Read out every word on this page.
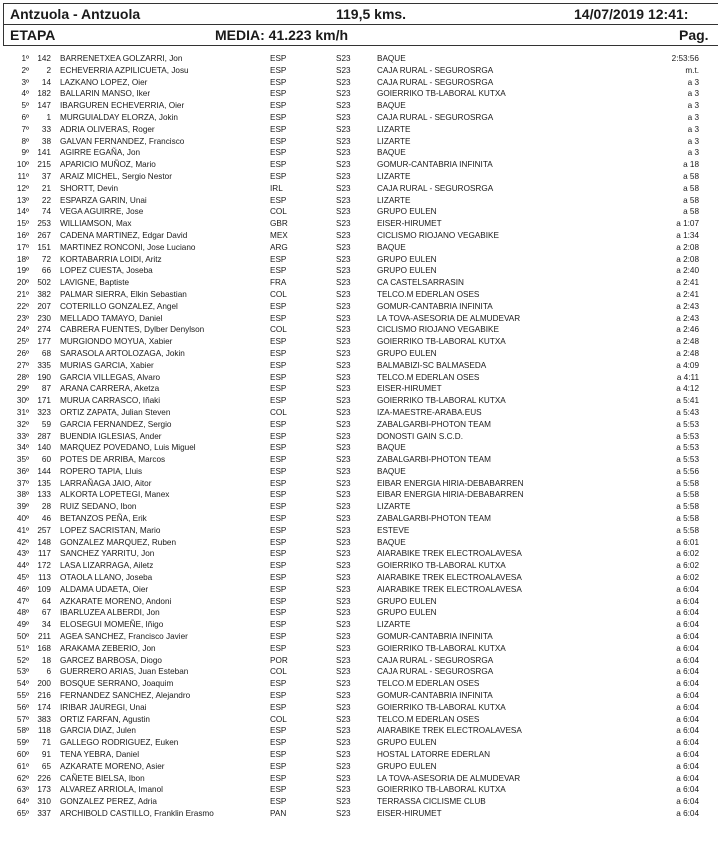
Antzuola - Antzuola	119,5 kms.	14/07/2019 12:41:
ETAPA	MEDIA: 41.223 km/h	Pag.
1º 142 BARRENETXEA GOLZARRI, Jon	ESP	S23	BAQUE	2:53:56
2º 2 ECHEVERRIA AZPILICUETA, Josu	ESP	S23	CAJA RURAL - SEGUROSRGA	m.t.
3º 14 LAZKANO LOPEZ, Oier	ESP	S23	CAJA RURAL - SEGUROSRGA	a 3
4º 182 BALLARIN MANSO, Iker	ESP	S23	GOIERRIKO TB-LABORAL KUTXA	a 3
5º 147 IBARGUREN ECHEVERRIA, Oier	ESP	S23	BAQUE	a 3
6º 1 MURGUIALDAY ELORZA, Jokin	ESP	S23	CAJA RURAL - SEGUROSRGA	a 3
7º 33 ADRIA OLIVERAS, Roger	ESP	S23	LIZARTE	a 3
8º 38 GALVAN FERNANDEZ, Francisco	ESP	S23	LIZARTE	a 3
9º 141 AGIRRE EGAÑA, Jon	ESP	S23	BAQUE	a 3
10º 215 APARICIO MUÑOZ, Mario	ESP	S23	GOMUR-CANTABRIA INFINITA	a 18
11º 37 ARAIZ MICHEL, Sergio Nestor	ESP	S23	LIZARTE	a 58
12º 21 SHORTT, Devin	IRL	S23	CAJA RURAL - SEGUROSRGA	a 58
13º 22 ESPARZA GARIN, Unai	ESP	S23	LIZARTE	a 58
14º 74 VEGA AGUIRRE, Jose	COL	S23	GRUPO EULEN	a 58
15º 253 WILLIAMSON, Max	GBR	S23	EISER-HIRUMET	a 1:07
16º 267 CADENA MARTINEZ, Edgar David	MEX	S23	CICLISMO RIOJANO VEGABIKE	a 1:34
17º 151 MARTINEZ RONCONI, Jose Luciano	ARG	S23	BAQUE	a 2:08
18º 72 KORTABARRIA LOIDI, Aritz	ESP	S23	GRUPO EULEN	a 2:08
19º 66 LOPEZ CUESTA, Joseba	ESP	S23	GRUPO EULEN	a 2:40
20º 502 LAVIGNE, Baptiste	FRA	S23	CA CASTELSARRASIN	a 2:41
21º 382 PALMAR SIERRA, Elkin Sebastian	COL	S23	TELCO.M EDERLAN OSES	a 2:41
22º 207 COTERILLO GONZALEZ, Angel	ESP	S23	GOMUR-CANTABRIA INFINITA	a 2:43
23º 230 MELLADO TAMAYO, Daniel	ESP	S23	LA TOVA-ASESORIA DE ALMUDEVAR	a 2:43
24º 274 CABRERA FUENTES, Dylber Denylson	COL	S23	CICLISMO RIOJANO VEGABIKE	a 2:46
25º 177 MURGIONDO MOYUA, Xabier	ESP	S23	GOIERRIKO TB-LABORAL KUTXA	a 2:48
26º 68 SARASOLA ARTOLOZAGA, Jokin	ESP	S23	GRUPO EULEN	a 2:48
27º 335 MURIAS GARCIA, Xabier	ESP	S23	BALMABIZI-SC BALMASEDA	a 4:09
28º 190 GARCIA VILLEGAS, Alvaro	ESP	S23	TELCO.M EDERLAN OSES	a 4:11
29º 87 ARANA CARRERA, Aketza	ESP	S23	EISER-HIRUMET	a 4:12
30º 171 MURUA CARRASCO, Iñaki	ESP	S23	GOIERRIKO TB-LABORAL KUTXA	a 5:41
31º 323 ORTIZ ZAPATA, Julian Steven	COL	S23	IZA-MAESTRE-ARABA.EUS	a 5:43
32º 59 GARCIA FERNANDEZ, Sergio	ESP	S23	ZABALGARBI-PHOTON TEAM	a 5:53
33º 287 BUENDIA IGLESIAS, Ander	ESP	S23	DONOSTI GAIN S.C.D.	a 5:53
34º 140 MARQUEZ POVEDANO, Luis Miguel	ESP	S23	BAQUE	a 5:53
35º 60 POTES DE ARRIBA, Marcos	ESP	S23	ZABALGARBI-PHOTON TEAM	a 5:53
36º 144 ROPERO TAPIA, Lluis	ESP	S23	BAQUE	a 5:56
37º 135 LARRAÑAGA JAIO, Aitor	ESP	S23	EIBAR ENERGIA HIRIA-DEBABARREN	a 5:58
38º 133 ALKORTA LOPETEGI, Manex	ESP	S23	EIBAR ENERGIA HIRIA-DEBABARREN	a 5:58
39º 28 RUIZ SEDANO, Ibon	ESP	S23	LIZARTE	a 5:58
40º 46 BETANZOS PEÑA, Erik	ESP	S23	ZABALGARBI-PHOTON TEAM	a 5:58
41º 257 LOPEZ SACRISTAN, Mario	ESP	S23	ESTEVE	a 5:58
42º 148 GONZALEZ MARQUEZ, Ruben	ESP	S23	BAQUE	a 6:01
43º 117 SANCHEZ YARRITU, Jon	ESP	S23	AIARABIKE TREK ELECTROALAVESA	a 6:02
44º 172 LASA LIZARRAGA, Ailetz	ESP	S23	GOIERRIKO TB-LABORAL KUTXA	a 6:02
45º 113 OTAOLA LLANO, Joseba	ESP	S23	AIARABIKE TREK ELECTROALAVESA	a 6:02
46º 109 ALDAMA UDAETA, Oier	ESP	S23	AIARABIKE TREK ELECTROALAVESA	a 6:04
47º 64 AZKARATE MORENO, Andoni	ESP	S23	GRUPO EULEN	a 6:04
48º 67 IBARLUZEA ALBERDI, Jon	ESP	S23	GRUPO EULEN	a 6:04
49º 34 ELOSEGUI MOMEÑE, Iñigo	ESP	S23	LIZARTE	a 6:04
50º 211 AGEA SANCHEZ, Francisco Javier	ESP	S23	GOMUR-CANTABRIA INFINITA	a 6:04
51º 168 ARAKAMA ZEBERIO, Jon	ESP	S23	GOIERRIKO TB-LABORAL KUTXA	a 6:04
52º 18 GARCEZ BARBOSA, Diogo	POR	S23	CAJA RURAL - SEGUROSRGA	a 6:04
53º 6 GUERRERO ARIAS, Juan Esteban	COL	S23	CAJA RURAL - SEGUROSRGA	a 6:04
54º 200 BOSQUE SERRANO, Joaquim	ESP	S23	TELCO.M EDERLAN OSES	a 6:04
55º 216 FERNANDEZ SANCHEZ, Alejandro	ESP	S23	GOMUR-CANTABRIA INFINITA	a 6:04
56º 174 IRIBAR JAUREGI, Unai	ESP	S23	GOIERRIKO TB-LABORAL KUTXA	a 6:04
57º 383 ORTIZ FARFAN, Agustin	COL	S23	TELCO.M EDERLAN OSES	a 6:04
58º 118 GARCIA DIAZ, Julen	ESP	S23	AIARABIKE TREK ELECTROALAVESA	a 6:04
59º 71 GALLEGO RODRIGUEZ, Euken	ESP	S23	GRUPO EULEN	a 6:04
60º 91 TENA YEBRA, Daniel	ESP	S23	HOSTAL LATORRE EDERLAN	a 6:04
61º 65 AZKARATE MORENO, Asier	ESP	S23	GRUPO EULEN	a 6:04
62º 226 CAÑETE BIELSA, Ibon	ESP	S23	LA TOVA-ASESORIA DE ALMUDEVAR	a 6:04
63º 173 ALVAREZ ARRIOLA, Imanol	ESP	S23	GOIERRIKO TB-LABORAL KUTXA	a 6:04
64º 310 GONZALEZ PEREZ, Adria	ESP	S23	TERRASSA CICLISME CLUB	a 6:04
65º 337 ARCHIBOLD CASTILLO, Franklin Erasmo	PAN	S23	EISER-HIRUMET	a 6:04
